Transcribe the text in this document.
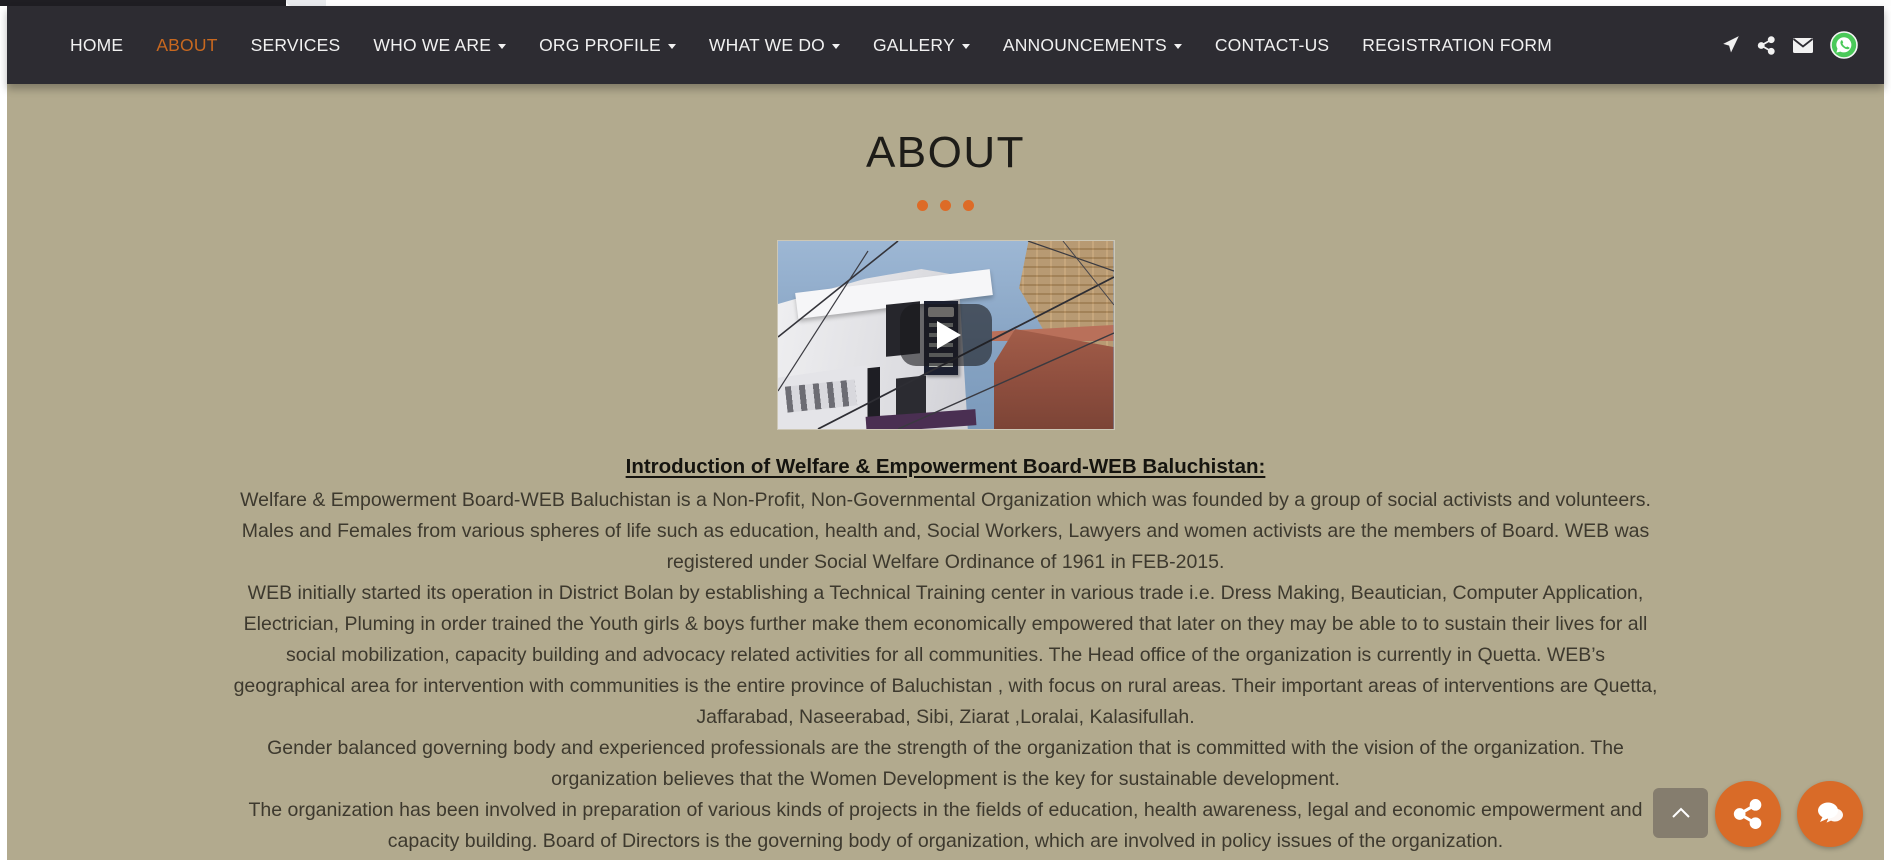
HOME ABOUT SERVICES WHO WE ARE	ORG PROFILE	WHAT WE DO	GALLERY	ANNOUNCEMENTS	CONTACT-US REGISTRATION FORM
ABOUT
Introduction of Welfare & Empowerment Board-WEB Baluchistan:

Welfare & Empowerment Board-WEB Baluchistan is a Non-Profit, Non-Governmental Organization which was founded by a group of social activists and volunteers. Males and Females from various spheres of life such as education, health and, Social Workers, Lawyers and women activists are the members of Board. WEB was registered under Social Welfare Ordinance of 1961 in FEB-2015.

WEB initially started its operation in District Bolan by establishing a Technical Training center in various trade i.e. Dress Making, Beautician, Computer Application, Electrician, Pluming in order trained the Youth girls & boys further make them economically empowered that later on they may be able to to sustain their lives for all social mobilization, capacity building and advocacy related activities for all communities. The Head office of the organization is currently in Quetta. WEB’s geographical area for intervention with communities is the entire province of Baluchistan , with focus on rural areas. Their important areas of interventions are Quetta, Jaffarabad, Naseerabad, Sibi, Ziarat ,Loralai, Kalasifullah.

Gender balanced governing body and experienced professionals are the strength of the organization that is committed with the vision of the organization. The organization believes that the Women Development is the key for sustainable development.

The organization has been involved in preparation of various kinds of projects in the fields of education, health awareness, legal and economic empowerment and capacity building. Board of Directors is the governing body of organization, which are involved in policy issues of the organization.
